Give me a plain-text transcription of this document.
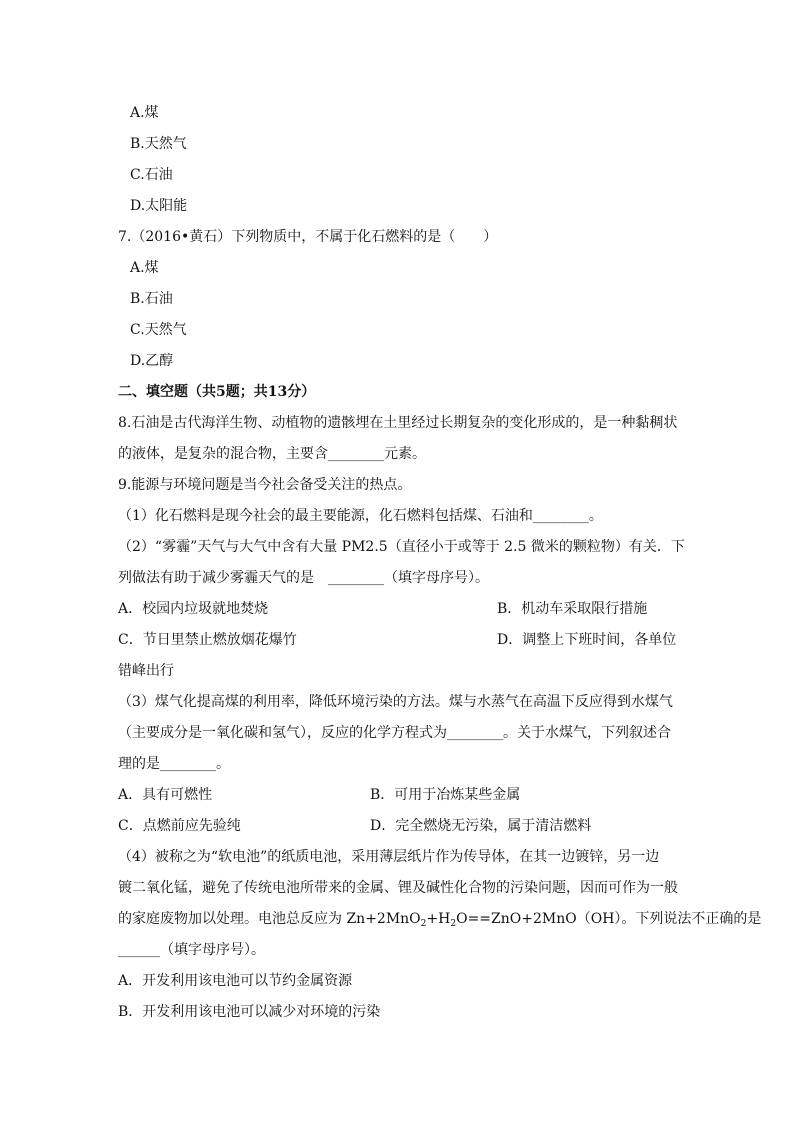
A.煤
B.天然气
C.石油
D.太阳能
7.（2016•黄石）下列物质中，不属于化石燃料的是（　　）
A.煤
B.石油
C.天然气
D.乙醇
二、填空题（共5题；共13分）
8.石油是古代海洋生物、动植物的遗骸埋在土里经过长期复杂的变化形成的，是一种黏稠状
的液体，是复杂的混合物，主要含________元素。
9.能源与环境问题是当今社会备受关注的热点。
（1）化石燃料是现今社会的最主要能源，化石燃料包括煤、石油和________。
（2）“雾霾”天气与大气中含有大量 PM2.5（直径小于或等于 2.5 微米的颗粒物）有关．下
列做法有助于减少雾霾天气的是　________（填字母序号）。
A．校园内垃圾就地焚烧	B．机动车采取限行措施
C．节日里禁止燃放烟花爆竹	D．调整上下班时间，各单位
错峰出行
（3）煤气化提高煤的利用率，降低环境污染的方法。煤与水蒸气在高温下反应得到水煤气
（主要成分是一氧化碳和氢气），反应的化学方程式为________。关于水煤气，下列叙述合
理的是________。
A．具有可燃性	B．可用于冶炼某些金属
C．点燃前应先验纯	D．完全燃烧无污染，属于清洁燃料
（4）被称之为“软电池”的纸质电池，采用薄层纸片作为传导体，在其一边镀锌，另一边
镀二氧化锰，避免了传统电池所带来的金属、锂及碱性化合物的污染问题，因而可作为一般
的家庭废物加以处理。电池总反应为 $Zn+2MnO_2+H_2O==ZnO+2MnO(OH)$。下列说法不正确的是
______（填字母序号）。
A．开发利用该电池可以节约金属资源
B．开发利用该电池可以减少对环境的污染
